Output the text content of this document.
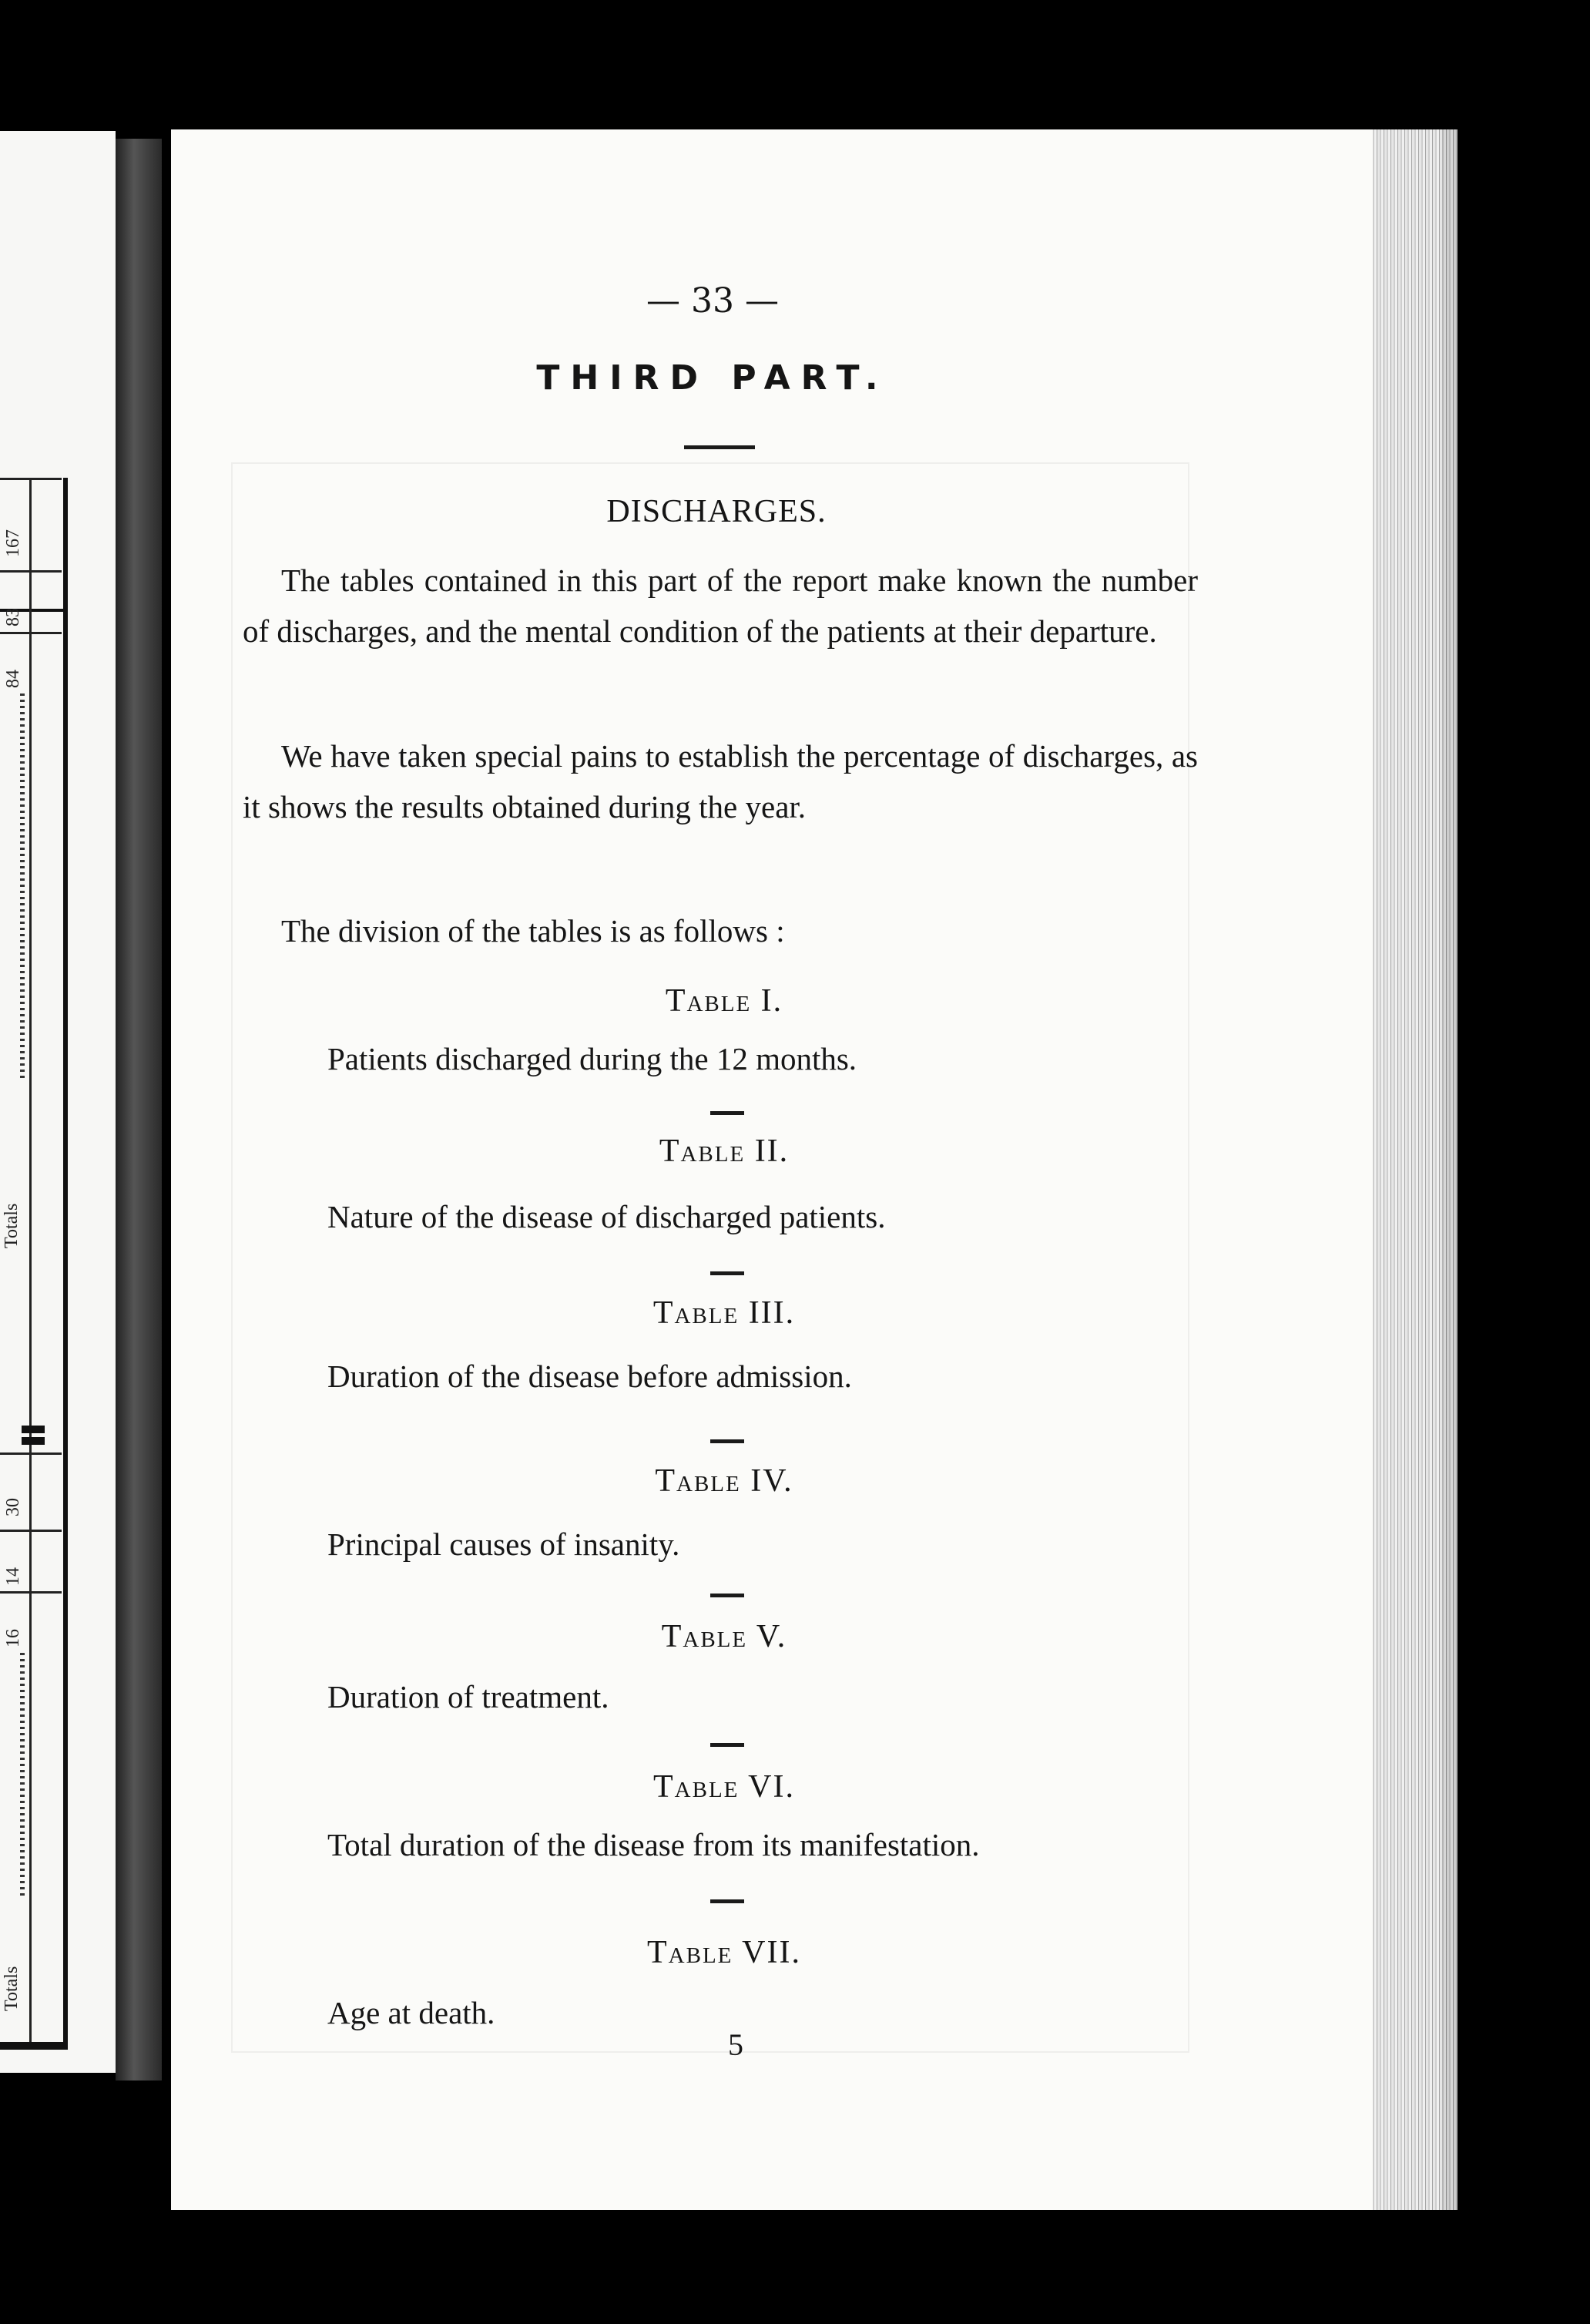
167
83
84
Totals
30
14
16
Totals
— 33 —
THIRD PART.
DISCHARGES.

The tables contained in this part of the report make known the number of discharges, and the mental condition of the patients at their departure.

We have taken special pains to establish the percentage of discharges, as it shows the results obtained during the year.

The division of the tables is as follows :

Table I.
Patients discharged during the 12 months.
Table II.
Nature of the disease of discharged patients.
Table III.
Duration of the disease before admission.
Table IV.
Principal causes of insanity.
Table V.
Duration of treatment.
Table VI.
Total duration of the disease from its manifestation.
Table VII.
Age at death.
5
